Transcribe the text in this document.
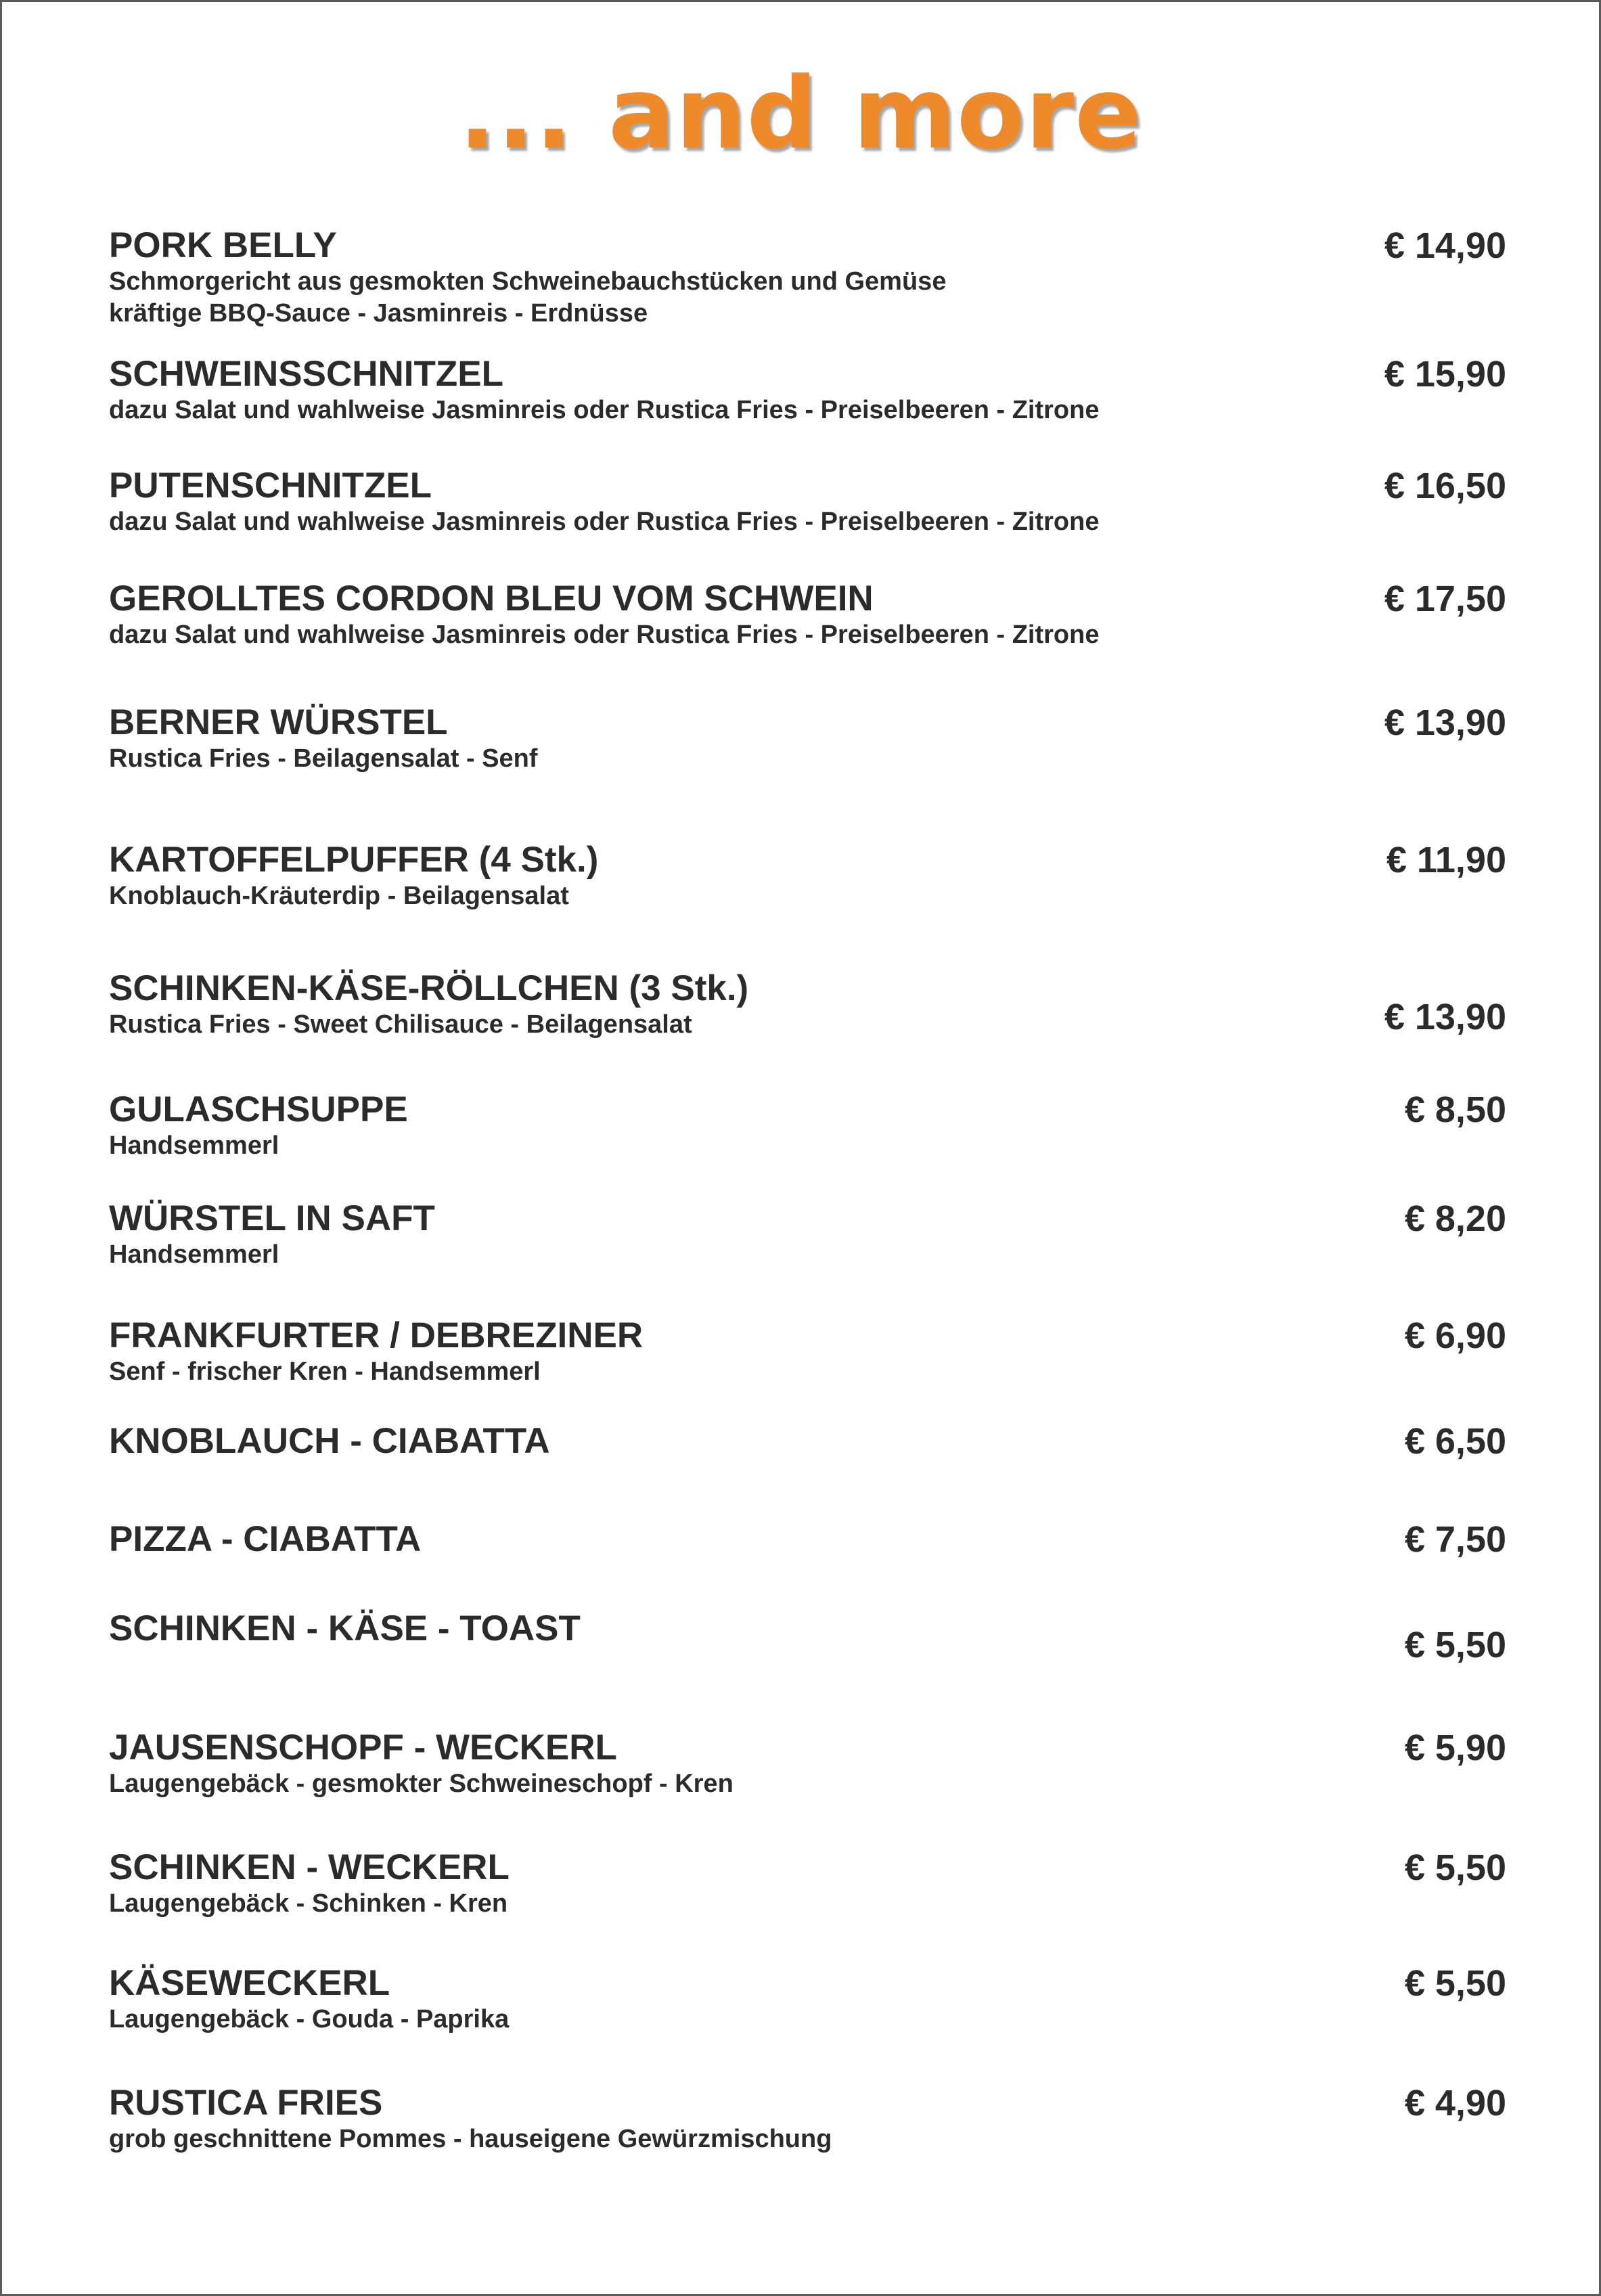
... and more
PORK BELLY
Schmorgericht aus gesmokten Schweinebauchstücken und Gemüse
kräftige BBQ-Sauce - Jasminreis - Erdnüsse
€ 14,90
SCHWEINSSCHNITZEL
dazu Salat und wahlweise Jasminreis oder Rustica Fries - Preiselbeeren - Zitrone
€ 15,90
PUTENSCHNITZEL
dazu Salat und wahlweise Jasminreis oder Rustica Fries - Preiselbeeren - Zitrone
€ 16,50
GEROLLTES CORDON BLEU VOM SCHWEIN
dazu Salat und wahlweise Jasminreis oder Rustica Fries - Preiselbeeren - Zitrone
€ 17,50
BERNER WÜRSTEL
Rustica Fries - Beilagensalat - Senf
€ 13,90
KARTOFFELPUFFER (4 Stk.)
Knoblauch-Kräuterdip - Beilagensalat
€ 11,90
SCHINKEN-KÄSE-RÖLLCHEN (3 Stk.)
Rustica Fries - Sweet Chilisauce - Beilagensalat	€ 13,90
GULASCHSUPPE
Handsemmerl
€ 8,50
WÜRSTEL IN SAFT
Handsemmerl
€ 8,20
FRANKFURTER / DEBREZINER
Senf - frischer Kren - Handsemmerl
€ 6,90
KNOBLAUCH - CIABATTA	€ 6,50
PIZZA - CIABATTA	€ 7,50
SCHINKEN - KÄSE - TOAST	€ 5,50
JAUSENSCHOPF - WECKERL
Laugengebäck - gesmokter Schweineschopf - Kren
€ 5,90
SCHINKEN - WECKERL
Laugengebäck - Schinken - Kren
€ 5,50
KÄSEWECKERL
Laugengebäck - Gouda - Paprika
€ 5,50
RUSTICA FRIES
grob geschnittene Pommes - hauseigene Gewürzmischung
€ 4,90
